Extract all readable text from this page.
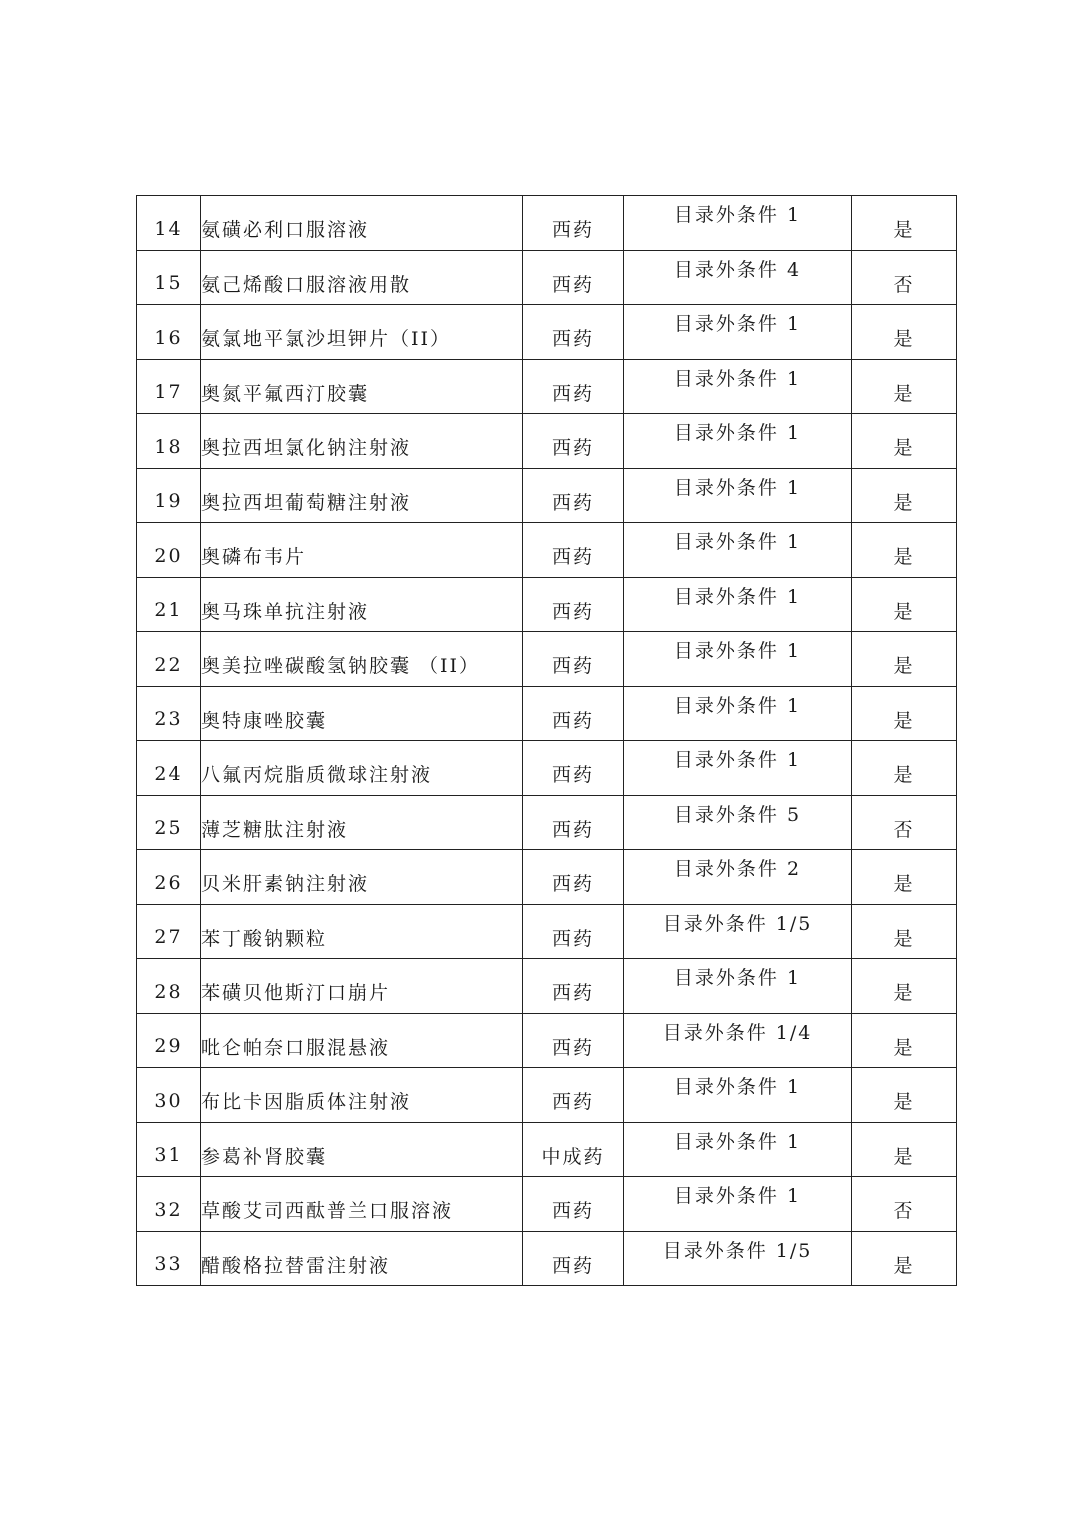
14	氨磺必利口服溶液	西药	目录外条件 1	是
15	氨己烯酸口服溶液用散	西药	目录外条件 4	否
16	氨氯地平氯沙坦钾片（II）	西药	目录外条件 1	是
17	奥氮平氟西汀胶囊	西药	目录外条件 1	是
18	奥拉西坦氯化钠注射液	西药	目录外条件 1	是
19	奥拉西坦葡萄糖注射液	西药	目录外条件 1	是
20	奥磷布韦片	西药	目录外条件 1	是
21	奥马珠单抗注射液	西药	目录外条件 1	是
22	奥美拉唑碳酸氢钠胶囊 （II）	西药	目录外条件 1	是
23	奥特康唑胶囊	西药	目录外条件 1	是
24	八氟丙烷脂质微球注射液	西药	目录外条件 1	是
25	薄芝糖肽注射液	西药	目录外条件 5	否
26	贝米肝素钠注射液	西药	目录外条件 2	是
27	苯丁酸钠颗粒	西药	目录外条件 1/5	是
28	苯磺贝他斯汀口崩片	西药	目录外条件 1	是
29	吡仑帕奈口服混悬液	西药	目录外条件 1/4	是
30	布比卡因脂质体注射液	西药	目录外条件 1	是
31	参葛补肾胶囊	中成药	目录外条件 1	是
32	草酸艾司西酞普兰口服溶液	西药	目录外条件 1	否
33	醋酸格拉替雷注射液	西药	目录外条件 1/5	是
